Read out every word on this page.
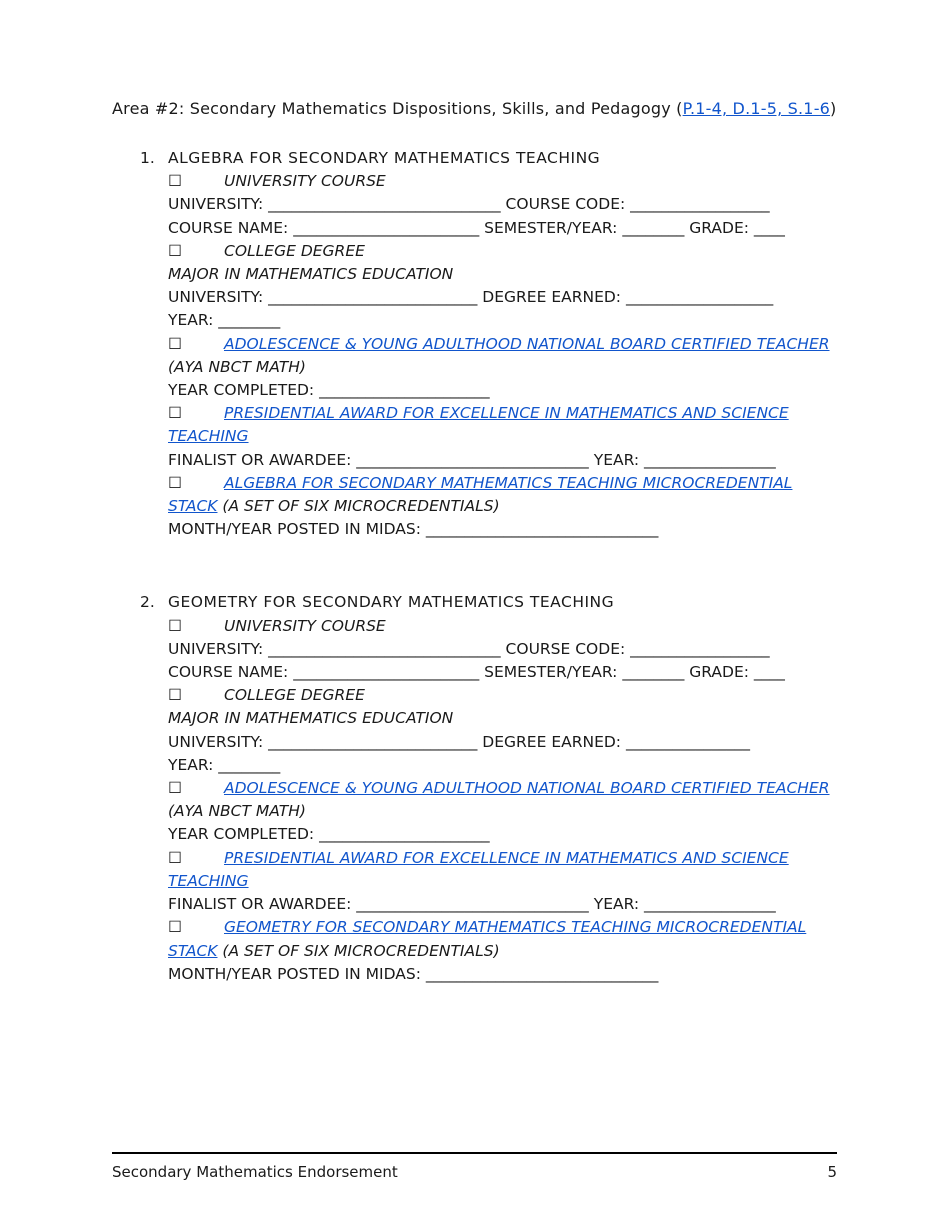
Area #2: Secondary Mathematics Dispositions, Skills, and Pedagogy (P.1-4, D.1-5, S.1-6)
1. ALGEBRA FOR SECONDARY MATHEMATICS TEACHING
☐	UNIVERSITY COURSE
UNIVERSITY: ______________________________ COURSE CODE: __________________
COURSE NAME: ________________________ SEMESTER/YEAR: ________ GRADE: ____
☐	COLLEGE DEGREE
MAJOR IN MATHEMATICS EDUCATION
UNIVERSITY: ___________________________ DEGREE EARNED: ___________________
YEAR: ________
☐	ADOLESCENCE & YOUNG ADULTHOOD NATIONAL BOARD CERTIFIED TEACHER (AYA NBCT MATH)
YEAR COMPLETED: ______________________
☐	PRESIDENTIAL AWARD FOR EXCELLENCE IN MATHEMATICS AND SCIENCE TEACHING
FINALIST OR AWARDEE: ______________________________ YEAR: _________________
☐	ALGEBRA FOR SECONDARY MATHEMATICS TEACHING MICROCREDENTIAL STACK (A SET OF SIX MICROCREDENTIALS)
MONTH/YEAR POSTED IN MIDAS: ______________________________
2. GEOMETRY FOR SECONDARY MATHEMATICS TEACHING
☐	UNIVERSITY COURSE
UNIVERSITY: ______________________________ COURSE CODE: __________________
COURSE NAME: ________________________ SEMESTER/YEAR: ________ GRADE: ____
☐	COLLEGE DEGREE
MAJOR IN MATHEMATICS EDUCATION
UNIVERSITY: ___________________________ DEGREE EARNED: ________________
YEAR: ________
☐	ADOLESCENCE & YOUNG ADULTHOOD NATIONAL BOARD CERTIFIED TEACHER (AYA NBCT MATH)
YEAR COMPLETED: ______________________
☐	PRESIDENTIAL AWARD FOR EXCELLENCE IN MATHEMATICS AND SCIENCE TEACHING
FINALIST OR AWARDEE: ______________________________ YEAR: _________________
☐	GEOMETRY FOR SECONDARY MATHEMATICS TEACHING MICROCREDENTIAL STACK (A SET OF SIX MICROCREDENTIALS)
MONTH/YEAR POSTED IN MIDAS: ______________________________
Secondary Mathematics Endorsement	5
